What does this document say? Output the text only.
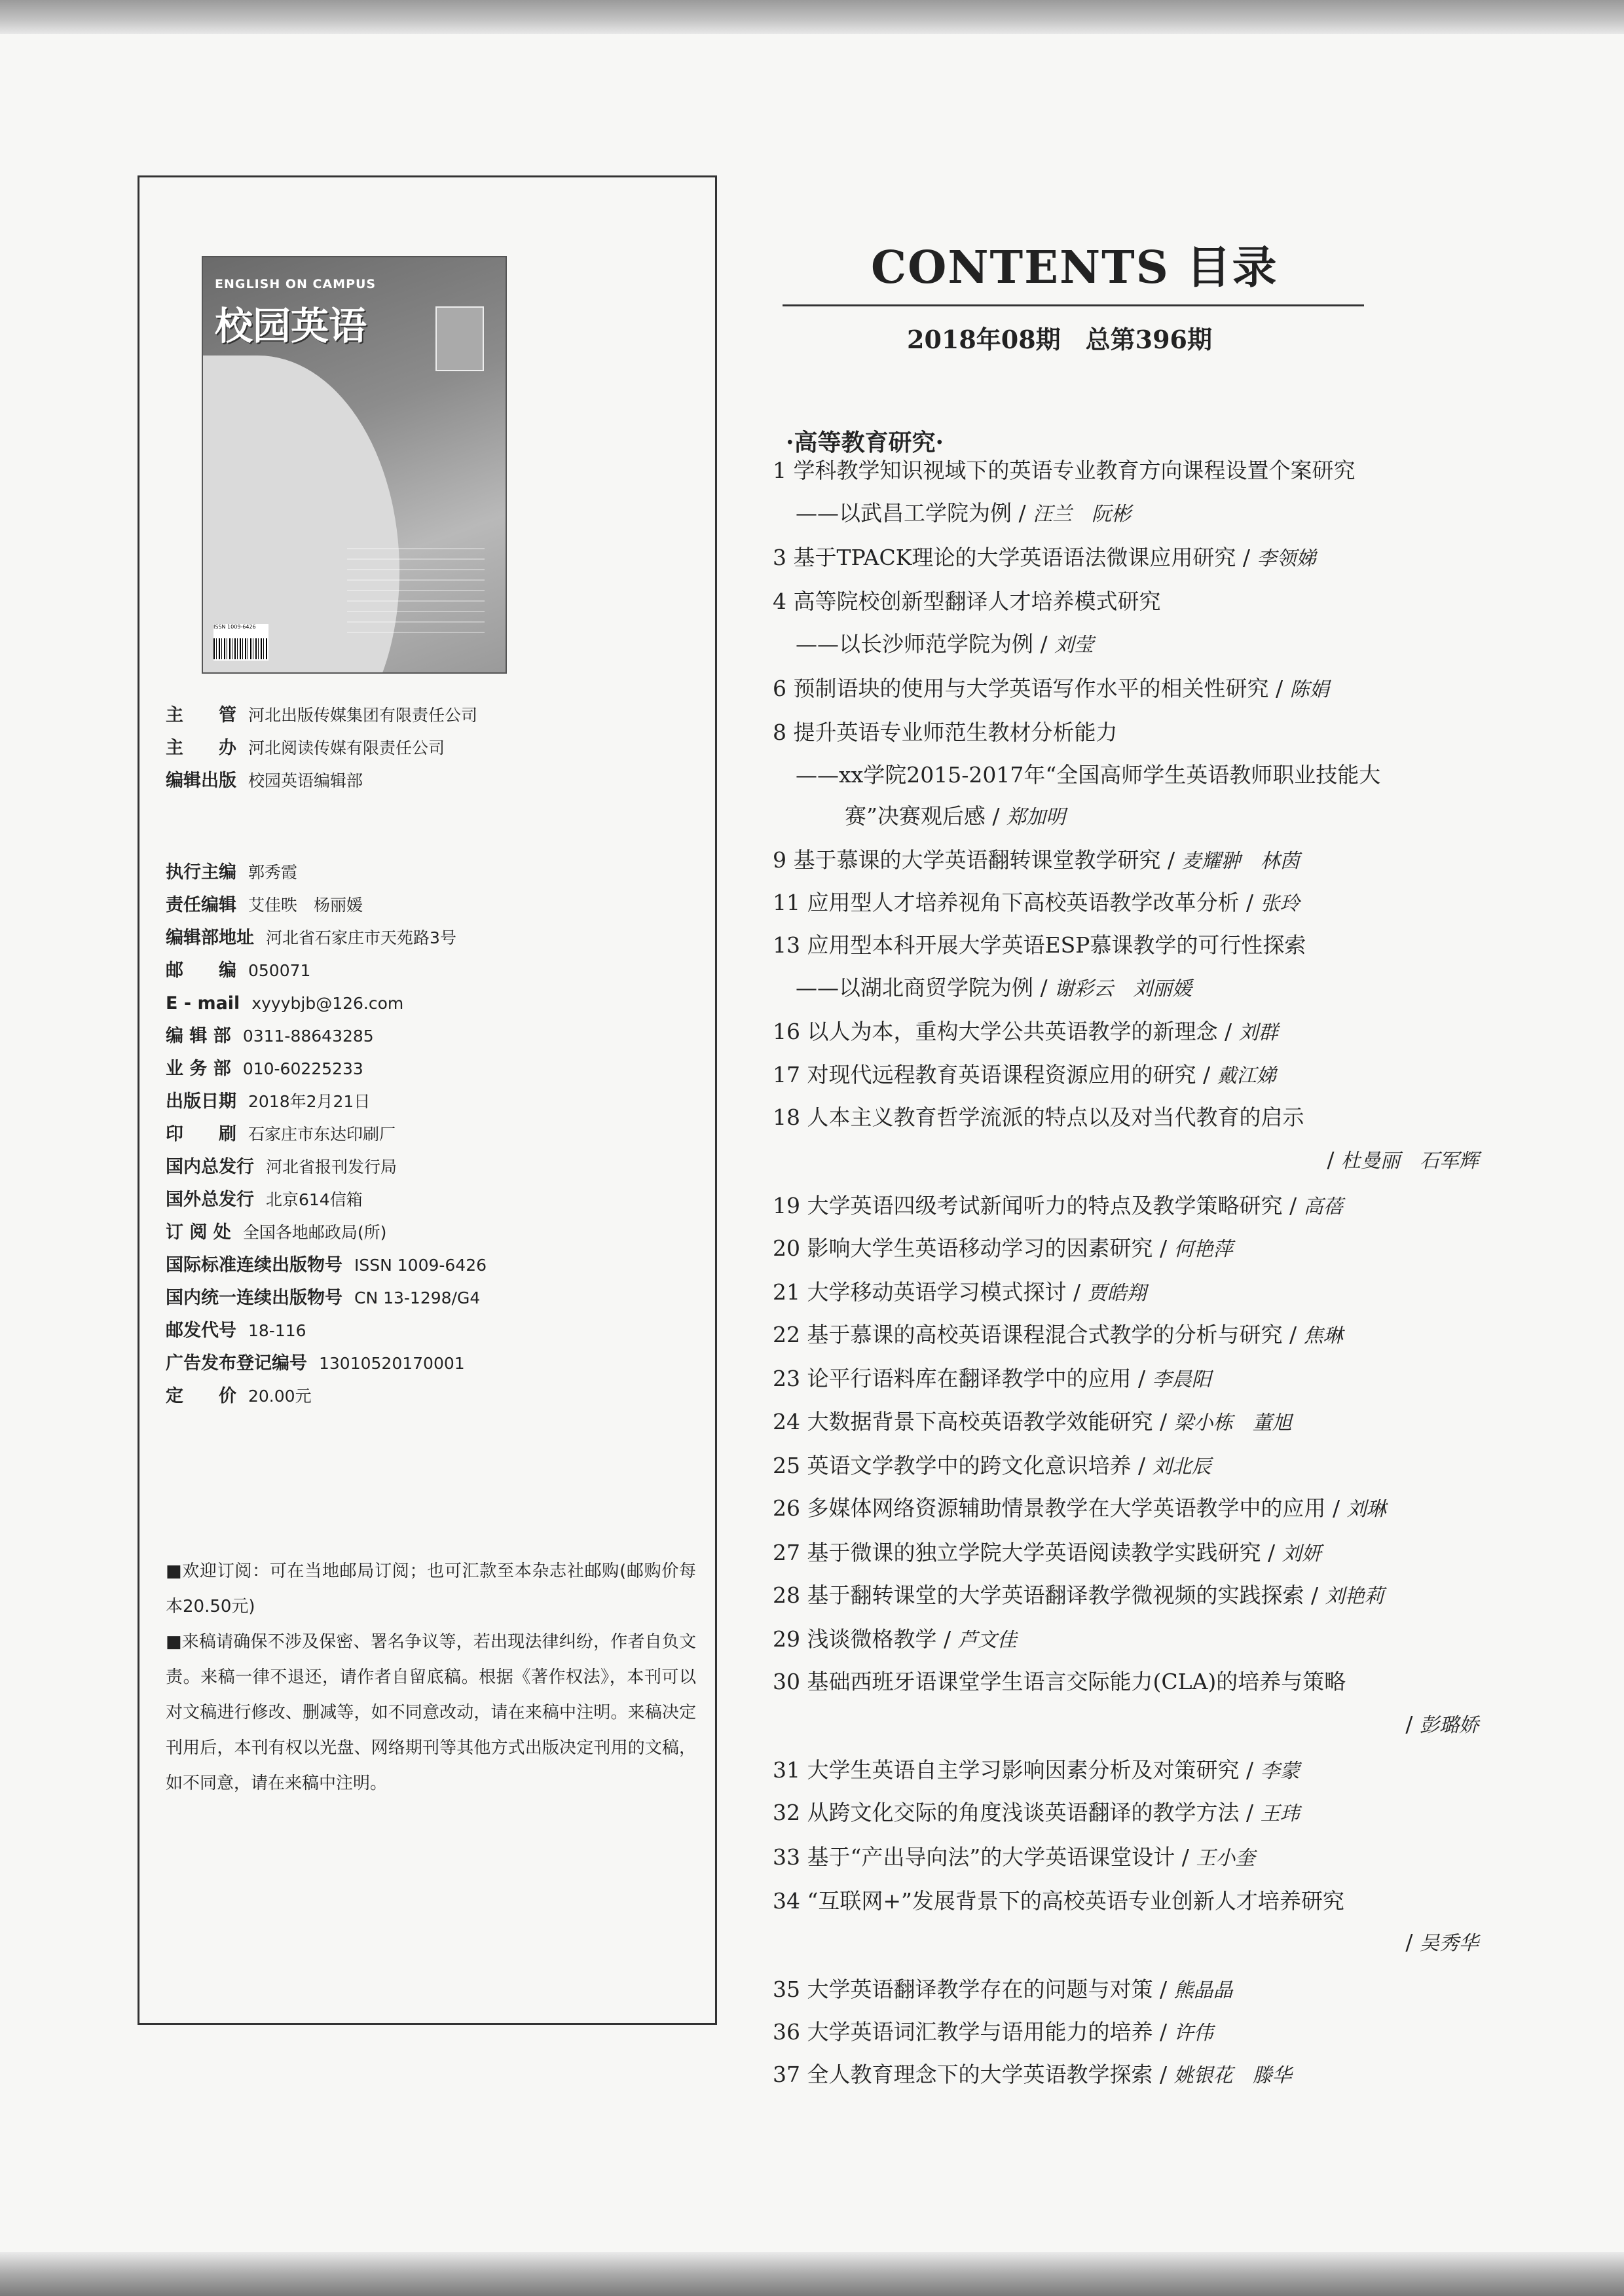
ENGLISH ON CAMPUS
校园英语
ISSN 1009-6426
主　　管 河北出版传媒集团有限责任公司
主　　办 河北阅读传媒有限责任公司
编辑出版 校园英语编辑部
执行主编 郭秀霞
责任编辑 艾佳昳　杨丽媛
编辑部地址 河北省石家庄市天苑路3号
邮　　编 050071
E - mail xyyybjb@126.com
编 辑 部 0311-88643285
业 务 部 010-60225233
出版日期 2018年2月21日
印　　刷 石家庄市东达印刷厂
国内总发行 河北省报刊发行局
国外总发行 北京614信箱
订 阅 处 全国各地邮政局(所)
国际标准连续出版物号 ISSN 1009-6426
国内统一连续出版物号 CN 13-1298/G4
邮发代号 18-116
广告发布登记编号 13010520170001
定　　价 20.00元

■欢迎订阅：可在当地邮局订阅；也可汇款至本杂志社邮购(邮购价每本20.50元)

■来稿请确保不涉及保密、署名争议等，若出现法律纠纷，作者自负文责。来稿一律不退还，请作者自留底稿。根据《著作权法》，本刊可以对文稿进行修改、删减等，如不同意改动，请在来稿中注明。来稿决定刊用后，本刊有权以光盘、网络期刊等其他方式出版决定刊用的文稿，如不同意，请在来稿中注明。

CONTENTS 目录
2018年08期　总第396期
·高等教育研究·
1 学科教学知识视域下的英语专业教育方向课程设置个案研究
——以武昌工学院为例 / 汪兰　阮彬
3 基于TPACK理论的大学英语语法微课应用研究 / 李领娣
4 高等院校创新型翻译人才培养模式研究
——以长沙师范学院为例 / 刘莹
6 预制语块的使用与大学英语写作水平的相关性研究 / 陈娟
8 提升英语专业师范生教材分析能力
——xx学院2015-2017年“全国高师学生英语教师职业技能大
赛”决赛观后感 / 郑加明
9 基于慕课的大学英语翻转课堂教学研究 / 麦耀翀　林茵
11 应用型人才培养视角下高校英语教学改革分析 / 张玲
13 应用型本科开展大学英语ESP慕课教学的可行性探索
——以湖北商贸学院为例 / 谢彩云　刘丽媛
16 以人为本，重构大学公共英语教学的新理念 / 刘群
17 对现代远程教育英语课程资源应用的研究 / 戴江娣
18 人本主义教育哲学流派的特点以及对当代教育的启示
/ 杜曼丽　石军辉
19 大学英语四级考试新闻听力的特点及教学策略研究 / 高蓓
20 影响大学生英语移动学习的因素研究 / 何艳萍
21 大学移动英语学习模式探讨 / 贾皓翔
22 基于慕课的高校英语课程混合式教学的分析与研究 / 焦琳
23 论平行语料库在翻译教学中的应用 / 李晨阳
24 大数据背景下高校英语教学效能研究 / 梁小栋　董旭
25 英语文学教学中的跨文化意识培养 / 刘北辰
26 多媒体网络资源辅助情景教学在大学英语教学中的应用 / 刘琳
27 基于微课的独立学院大学英语阅读教学实践研究 / 刘妍
28 基于翻转课堂的大学英语翻译教学微视频的实践探索 / 刘艳莉
29 浅谈微格教学 / 芦文佳
30 基础西班牙语课堂学生语言交际能力(CLA)的培养与策略
/ 彭璐娇
31 大学生英语自主学习影响因素分析及对策研究 / 李蒙
32 从跨文化交际的角度浅谈英语翻译的教学方法 / 王玮
33 基于“产出导向法”的大学英语课堂设计 / 王小奎
34 “互联网+”发展背景下的高校英语专业创新人才培养研究
/ 吴秀华
35 大学英语翻译教学存在的问题与对策 / 熊晶晶
36 大学英语词汇教学与语用能力的培养 / 许伟
37 全人教育理念下的大学英语教学探索 / 姚银花　滕华
